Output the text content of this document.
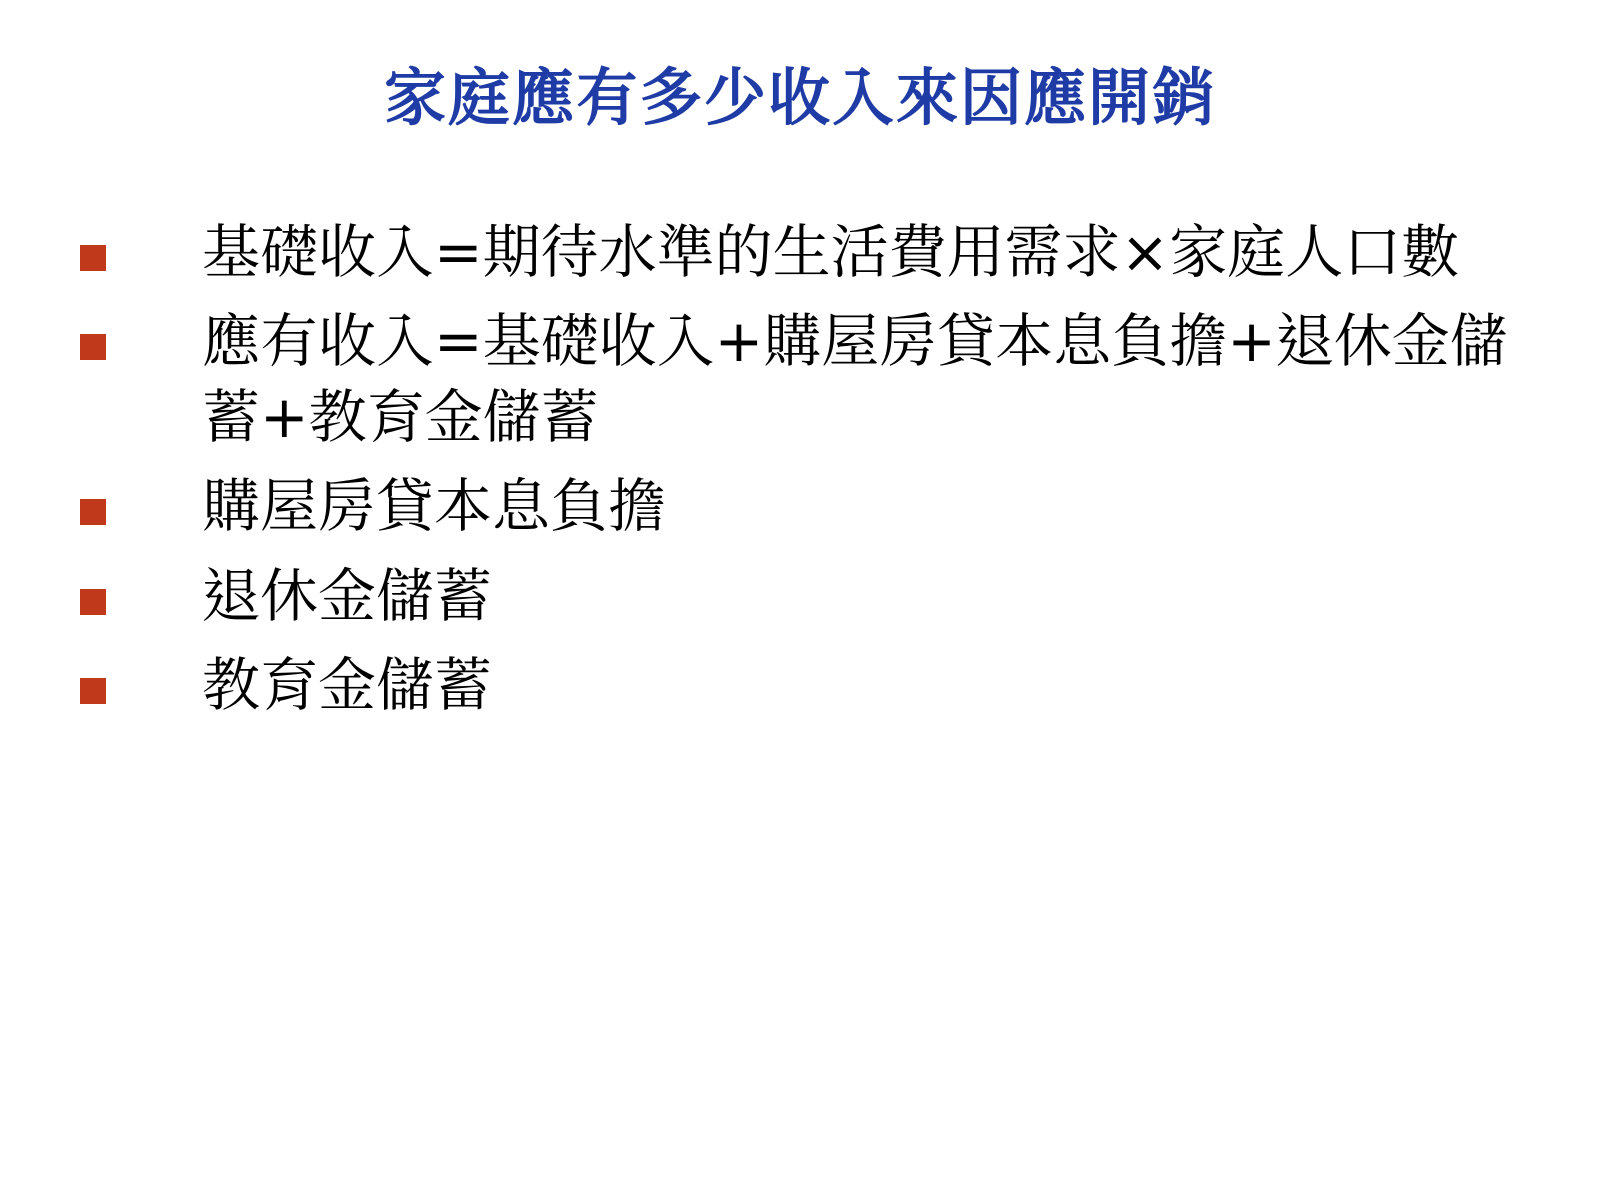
家庭應有多少收入來因應開銷
基礎收入=期待水準的生活費用需求×家庭人口數
應有收入=基礎收入+購屋房貸本息負擔+退休金儲蓄+教育金儲蓄
購屋房貸本息負擔
退休金儲蓄
教育金儲蓄
